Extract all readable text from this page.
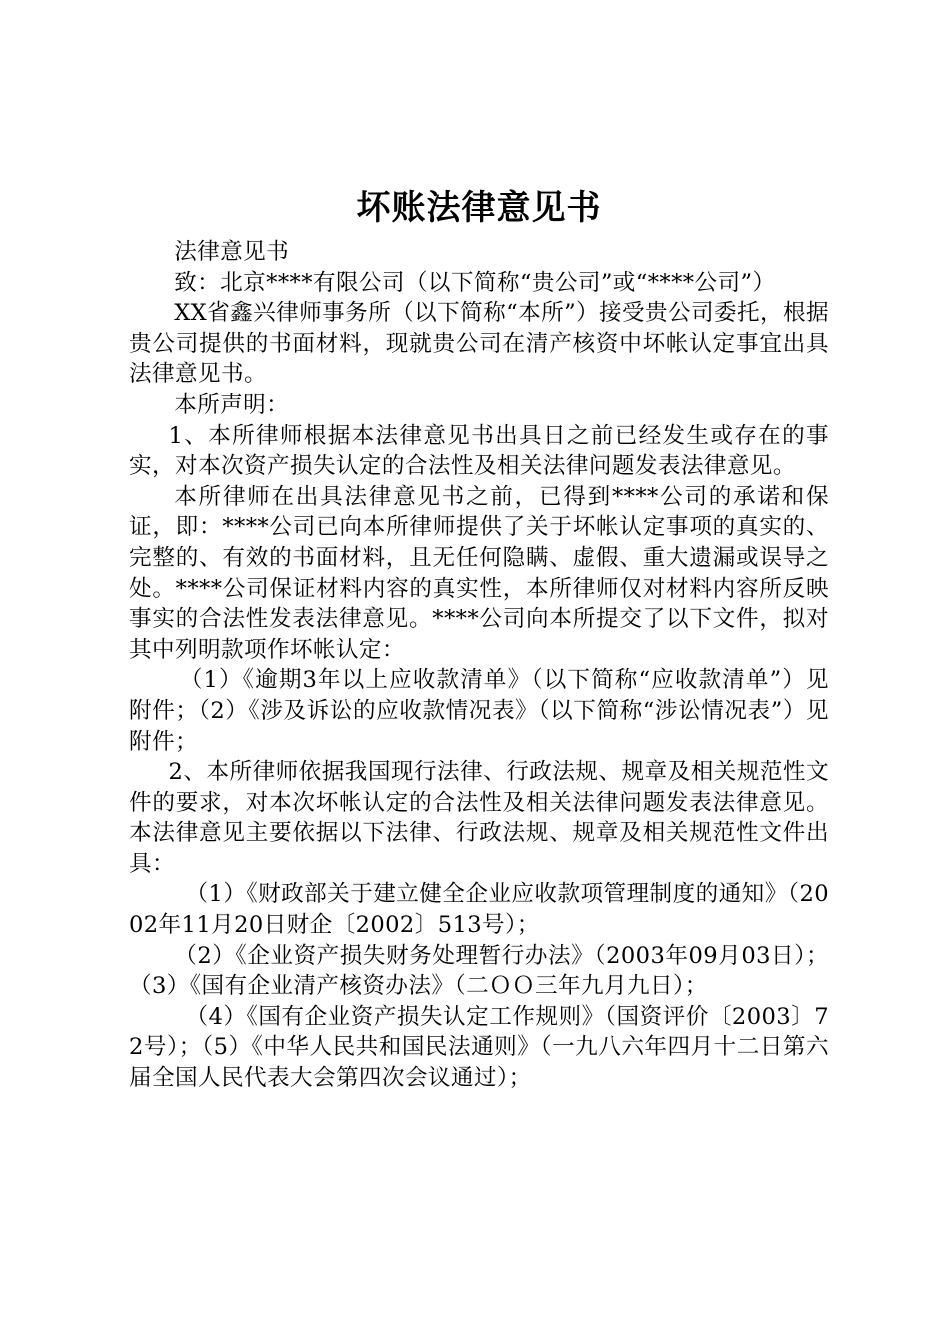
坏账法律意见书

法律意见书

致：北京****有限公司（以下简称“贵公司”或“****公司”）

XX省鑫兴律师事务所（以下简称“本所”）接受贵公司委托，根据贵公司提供的书面材料，现就贵公司在清产核资中坏帐认定事宜出具法律意见书。

本所声明：

1、本所律师根据本法律意见书出具日之前已经发生或存在的事实，对本次资产损失认定的合法性及相关法律问题发表法律意见。

本所律师在出具法律意见书之前，已得到****公司的承诺和保证，即：****公司已向本所律师提供了关于坏帐认定事项的真实的、完整的、有效的书面材料，且无任何隐瞒、虚假、重大遗漏或误导之处。****公司保证材料内容的真实性，本所律师仅对材料内容所反映事实的合法性发表法律意见。****公司向本所提交了以下文件，拟对其中列明款项作坏帐认定：

（1）《逾期3年以上应收款清单》（以下简称“应收款清单”）见附件；（2）《涉及诉讼的应收款情况表》（以下简称“涉讼情况表”）见附件；

2、本所律师依据我国现行法律、行政法规、规章及相关规范性文件的要求，对本次坏帐认定的合法性及相关法律问题发表法律意见。本法律意见主要依据以下法律、行政法规、规章及相关规范性文件出具：

（1）《财政部关于建立健全企业应收款项管理制度的通知》（2002年11月20日财企〔2002〕513号）；

（2）《企业资产损失财务处理暂行办法》（2003年09月03日）；（3）《国有企业清产核资办法》（二ＯＯ三年九月九日）；

（4）《国有企业资产损失认定工作规则》（国资评价〔2003〕72号）；（5）《中华人民共和国民法通则》（一九八六年四月十二日第六届全国人民代表大会第四次会议通过）；
